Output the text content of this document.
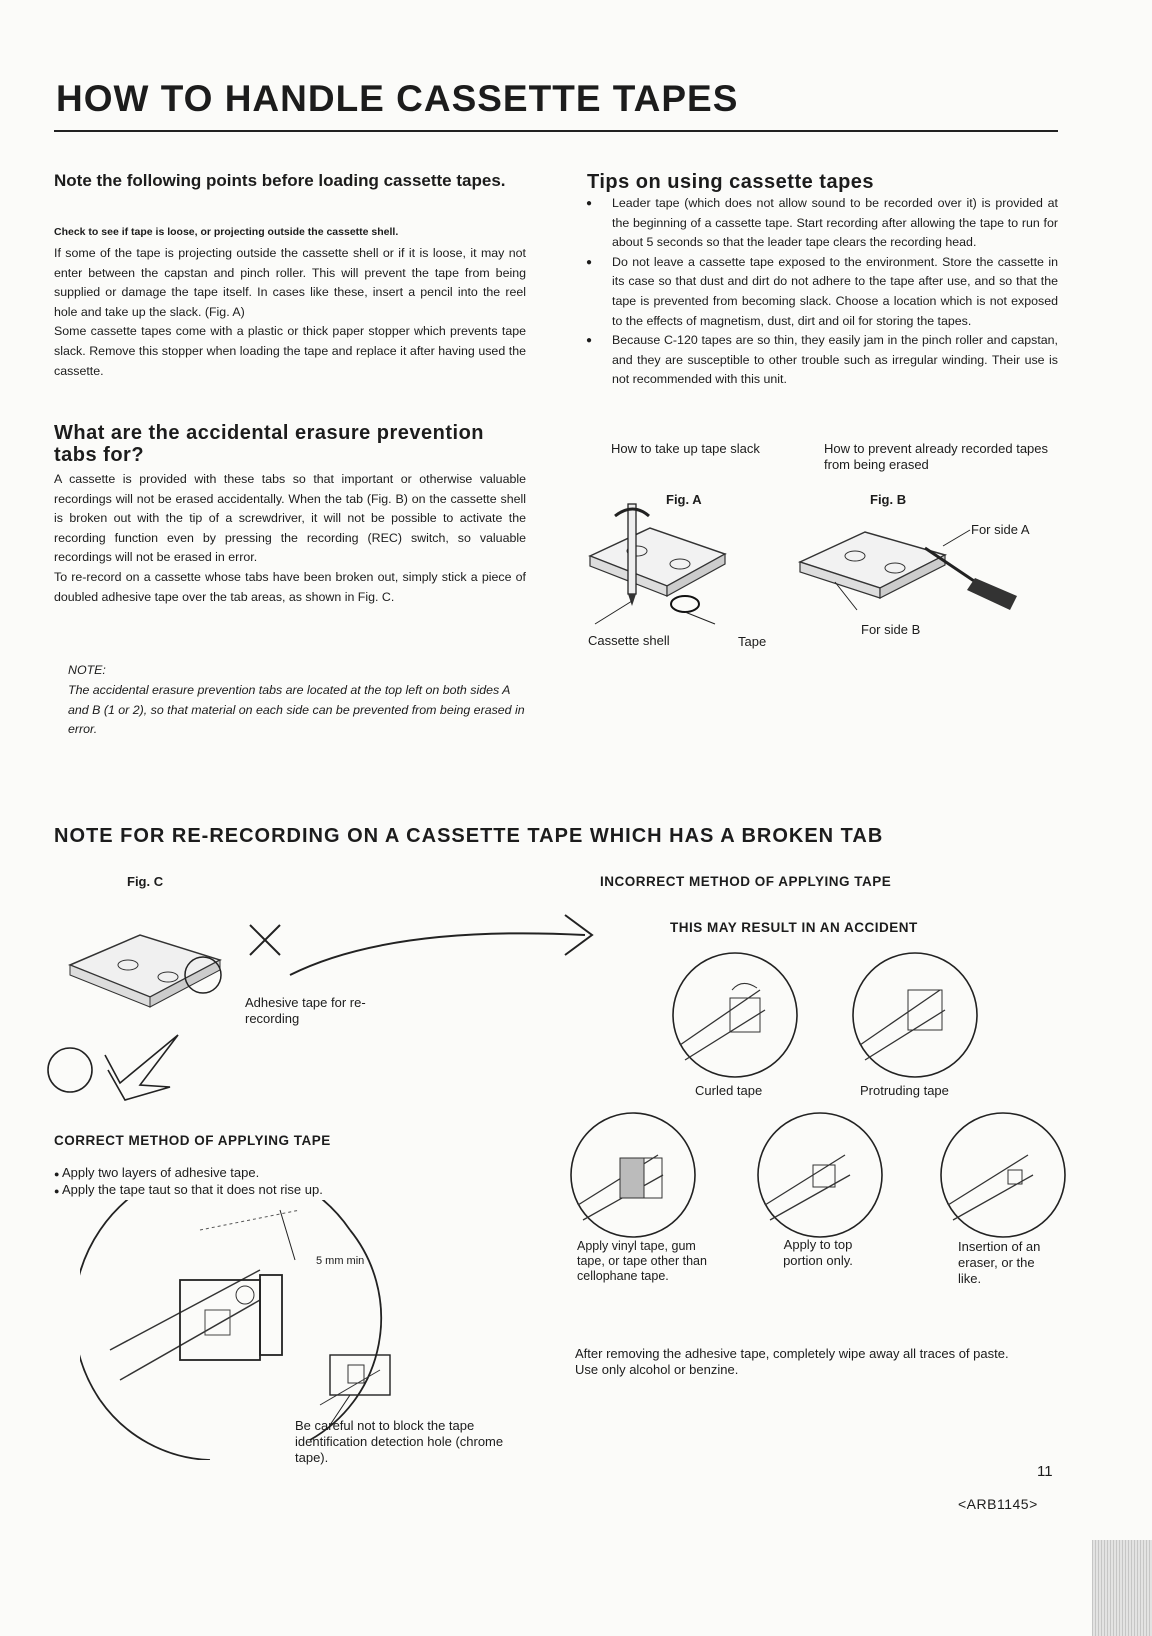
HOW TO HANDLE CASSETTE TAPES
Note the following points before loading cassette tapes.
Check to see if tape is loose, or projecting outside the cassette shell.

If some of the tape is projecting outside the cassette shell or if it is loose, it may not enter between the capstan and pinch roller. This will prevent the tape from being supplied or damage the tape itself. In cases like these, insert a pencil into the reel hole and take up the slack. (Fig. A)

Some cassette tapes come with a plastic or thick paper stopper which prevents tape slack. Remove this stopper when loading the tape and replace it after having used the cassette.

What are the accidental erasure prevention tabs for?

A cassette is provided with these tabs so that important or otherwise valuable recordings will not be erased accidentally. When the tab (Fig. B) on the cassette shell is broken out with the tip of a screwdriver, it will not be possible to activate the recording function even by pressing the recording (REC) switch, so valuable recordings will not be erased in error.

To re-record on a cassette whose tabs have been broken out, simply stick a piece of doubled adhesive tape over the tab areas, as shown in Fig. C.

NOTE:
The accidental erasure prevention tabs are located at the top left on both sides A and B (1 or 2), so that material on each side can be prevented from being erased in error.
Tips on using cassette tapes
● Leader tape (which does not allow sound to be recorded over it) is provided at the beginning of a cassette tape. Start recording after allowing the tape to run for about 5 seconds so that the leader tape clears the recording head.
● Do not leave a cassette tape exposed to the environment. Store the cassette in its case so that dust and dirt do not adhere to the tape after use, and so that the tape is prevented from becoming slack. Choose a location which is not exposed to the effects of magnetism, dust, dirt and oil for storing the tapes.
● Because C-120 tapes are so thin, they easily jam in the pinch roller and capstan, and they are susceptible to other trouble such as irregular winding. Their use is not recommended with this unit.
How to take up tape slack	How to prevent already recorded tapes from being erased
Fig. A	Fig. B
Cassette shell	Tape
For side A
For side B
NOTE FOR RE-RECORDING ON A CASSETTE TAPE WHICH HAS A BROKEN TAB
Fig. C	INCORRECT METHOD OF APPLYING TAPE
THIS MAY RESULT IN AN ACCIDENT
Adhesive tape for re-recording
CORRECT METHOD OF APPLYING TAPE
● Apply two layers of adhesive tape.
● Apply the tape taut so that it does not rise up.
5 mm min
Be careful not to block the tape identification detection hole (chrome tape).
Curled tape	Protruding tape
Apply vinyl tape, gum tape, or tape other than cellophane tape.
Apply to top portion only.
Insertion of an eraser, or the like.
After removing the adhesive tape, completely wipe away all traces of paste. Use only alcohol or benzine.
11
<ARB1145>
